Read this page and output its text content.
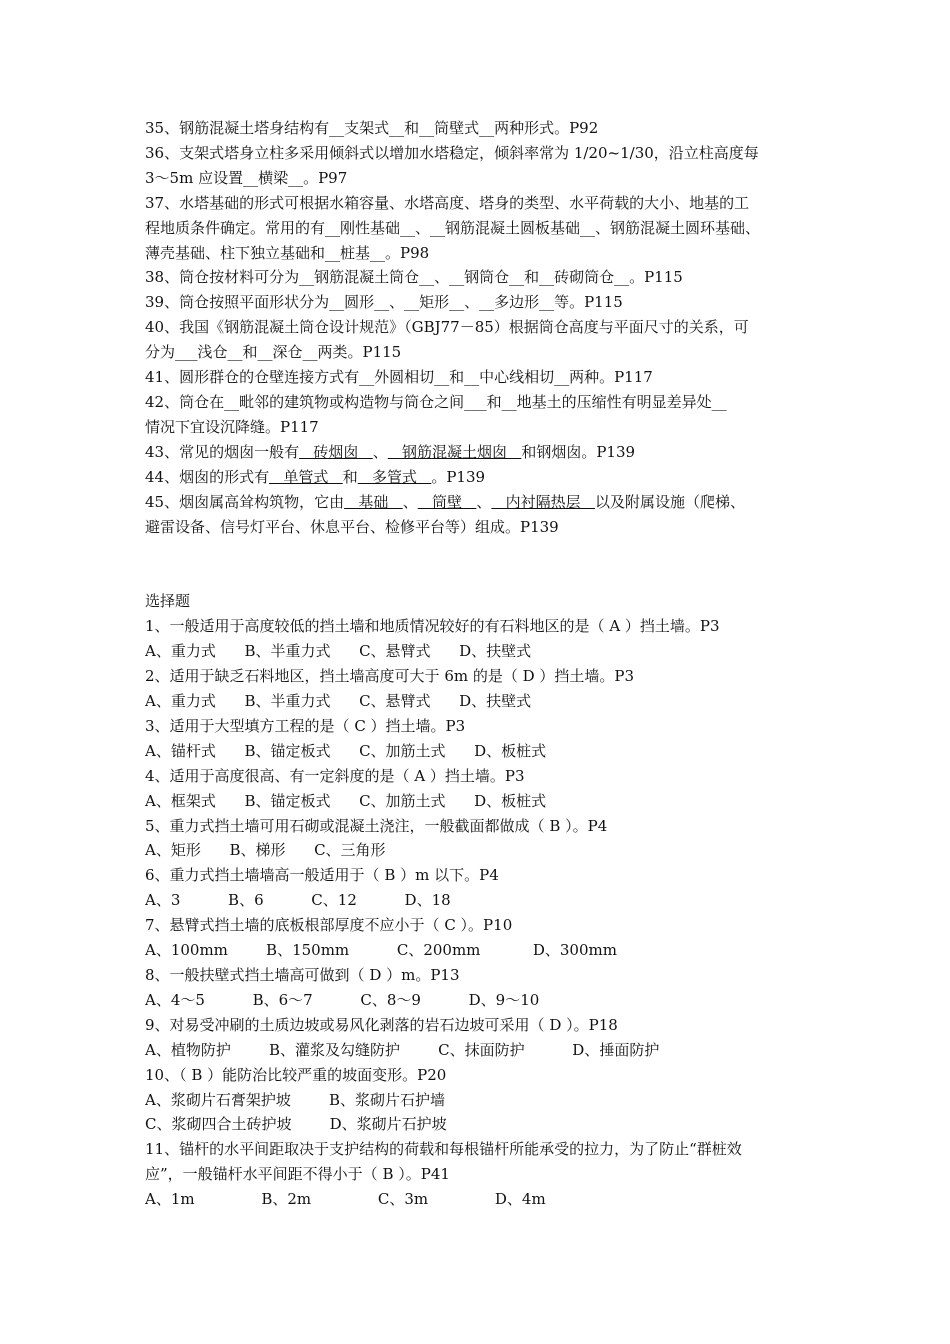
35、钢筋混凝土塔身结构有__支架式__和__筒壁式__两种形式。P92
36、支架式塔身立柱多采用倾斜式以增加水塔稳定，倾斜率常为 1/20~1/30，沿立柱高度每
3～5m 应设置__横梁__。P97
37、水塔基础的形式可根据水箱容量、水塔高度、塔身的类型、水平荷载的大小、地基的工
程地质条件确定。常用的有__刚性基础__、__钢筋混凝土圆板基础__、钢筋混凝土圆环基础、
薄壳基础、柱下独立基础和__桩基__。P98
38、筒仓按材料可分为__钢筋混凝土筒仓__、__钢筒仓__和__砖砌筒仓__。P115
39、筒仓按照平面形状分为__圆形__、__矩形__、__多边形__等。P115
40、我国《钢筋混凝土筒仓设计规范》（GBJ77－85）根据筒仓高度与平面尺寸的关系，可
分为___浅仓__和__深仓__两类。P115
41、圆形群仓的仓壁连接方式有__外圆相切__和__中心线相切__两种。P117
42、筒仓在__毗邻的建筑物或构造物与筒仓之间___和__地基土的压缩性有明显差异处__
情况下宜设沉降缝。P117
43、常见的烟囱一般有   砖烟囱   、   钢筋混凝土烟囱   和钢烟囱。P139
44、烟囱的形式有   单管式   和   多管式   。P139
45、烟囱属高耸构筑物，它由   基础   、   筒壁   、   内衬隔热层   以及附属设施（爬梯、
避雷设备、信号灯平台、休息平台、检修平台等）组成。P139
选择题
1、一般适用于高度较低的挡土墙和地质情况较好的有石料地区的是（ A ）挡土墙。P3
A、重力式      B、半重力式      C、悬臂式      D、扶壁式
2、适用于缺乏石料地区，挡土墙高度可大于 6m 的是（ D ）挡土墙。P3
A、重力式      B、半重力式      C、悬臂式      D、扶壁式
3、适用于大型填方工程的是（ C ）挡土墙。P3
A、锚杆式      B、锚定板式      C、加筋土式      D、板桩式
4、适用于高度很高、有一定斜度的是（ A ）挡土墙。P3
A、框架式      B、锚定板式      C、加筋土式      D、板桩式
5、重力式挡土墙可用石砌或混凝土浇注，一般截面都做成（ B ）。P4
A、矩形      B、梯形      C、三角形
6、重力式挡土墙墙高一般适用于（ B ）m 以下。P4
A、3          B、6          C、12          D、18
7、悬臂式挡土墙的底板根部厚度不应小于（ C ）。P10
A、100mm        B、150mm          C、200mm           D、300mm
8、一般扶壁式挡土墙高可做到（ D ）m。P13
A、4～5          B、6～7          C、8～9          D、9～10
9、对易受冲刷的土质边坡或易风化剥落的岩石边坡可采用（ D ）。P18
A、植物防护        B、灌浆及勾缝防护        C、抹面防护          D、捶面防护
10、（ B ）能防治比较严重的坡面变形。P20
A、浆砌片石膏架护坡        B、浆砌片石护墙
C、浆砌四合土砖护坡        D、浆砌片石护坡
11、锚杆的水平间距取决于支护结构的荷载和每根锚杆所能承受的拉力，为了防止“群桩效
应”，一般锚杆水平间距不得小于（ B ）。P41
A、1m              B、2m              C、3m              D、4m
